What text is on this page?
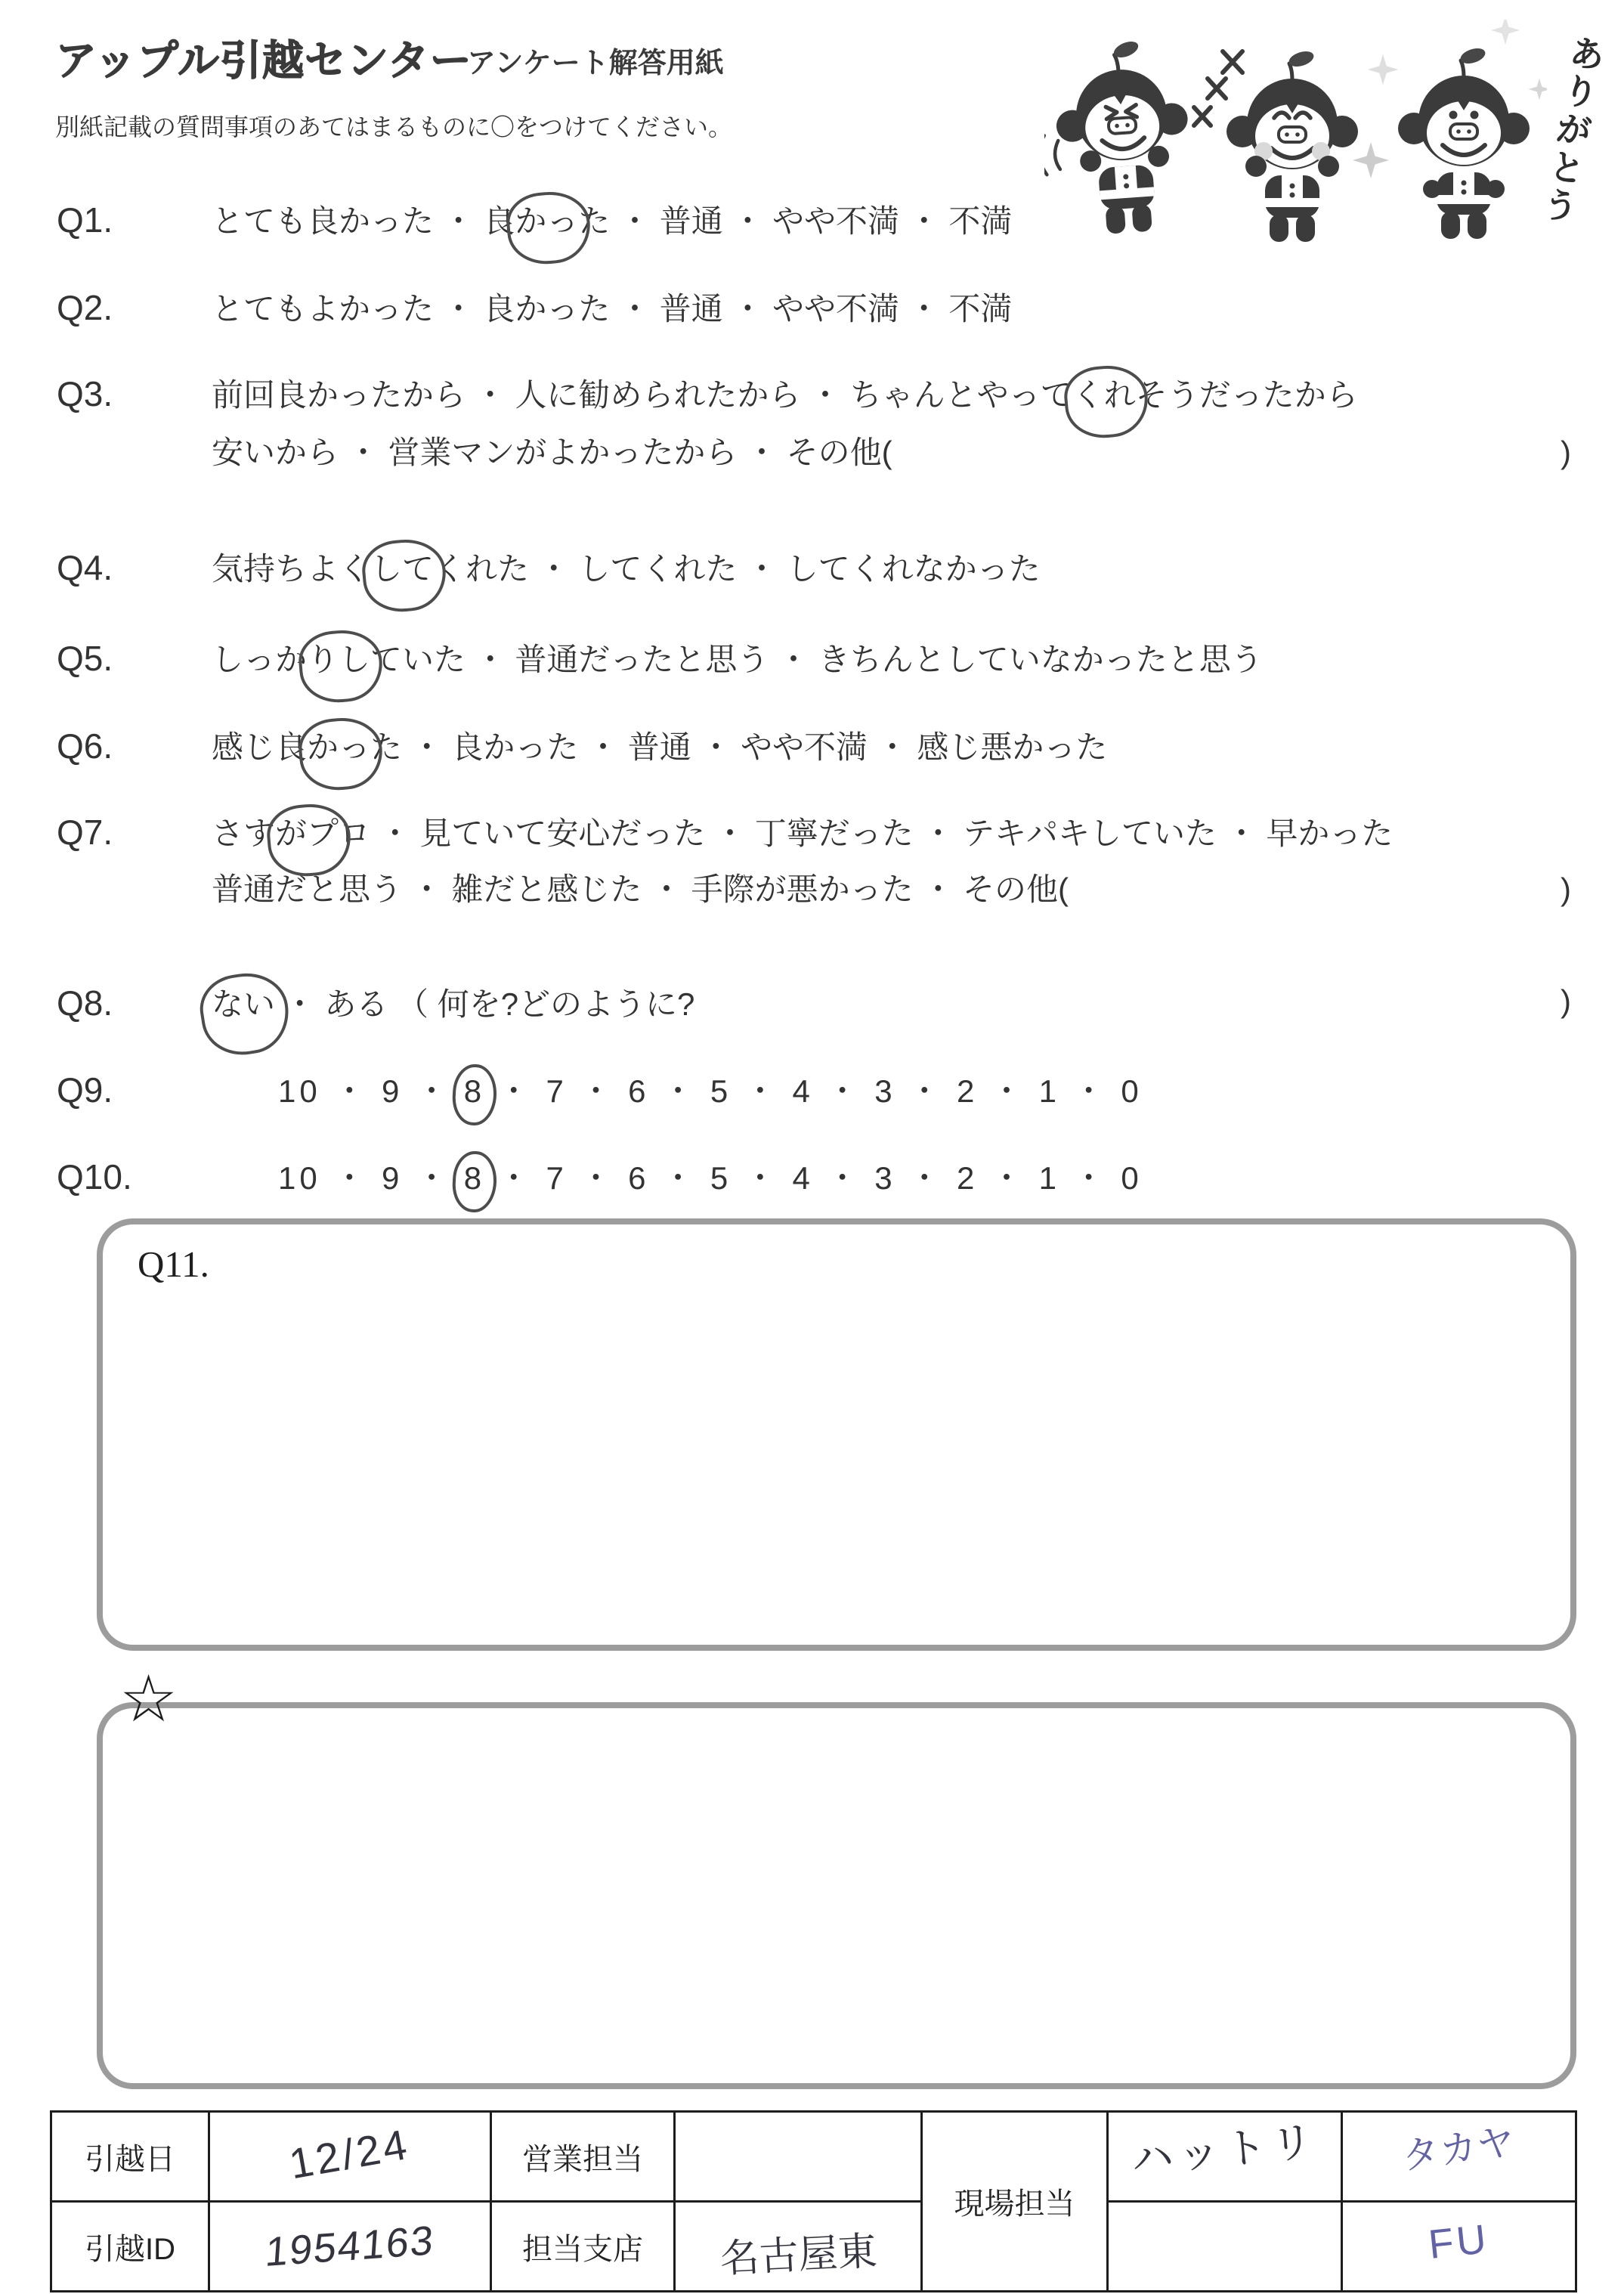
アップル引越センター
アンケート解答用紙
別紙記載の質問事項のあてはまるものに〇をつけてください。	ありがとう
Q1.	とても良かった ・ 良かった ・ 普通 ・ やや不満 ・ 不満
Q2.	とてもよかった ・ 良かった ・ 普通 ・ やや不満 ・ 不満
Q3.	前回良かったから ・ 人に勧められたから ・ ちゃんとやってくれそうだったから
安いから ・ 営業マンがよかったから ・ その他(	)
Q4.	気持ちよくしてくれた ・ してくれた ・ してくれなかった
Q5.	しっかりしていた ・ 普通だったと思う ・ きちんとしていなかったと思う
Q6.	感じ良かった ・ 良かった ・ 普通 ・ やや不満 ・ 感じ悪かった
Q7.	さすがプロ ・ 見ていて安心だった ・ 丁寧だった ・ テキパキしていた ・ 早かった
普通だと思う ・ 雑だと感じた ・ 手際が悪かった ・ その他(	)
Q8.	ない ・ ある （ 何を?どのように?	)
Q9.	10 ・ 9 ・ 8 ・ 7 ・ 6 ・ 5 ・ 4 ・ 3 ・ 2 ・ 1 ・ 0
Q10.	10 ・ 9 ・ 8 ・ 7 ・ 6 ・ 5 ・ 4 ・ 3 ・ 2 ・ 1 ・ 0
Q11.
☆
引越日	12/24	営業担当		現場担当	ハットリ	タカヤ
引越ID	1954163	担当支店	名古屋東			FU
